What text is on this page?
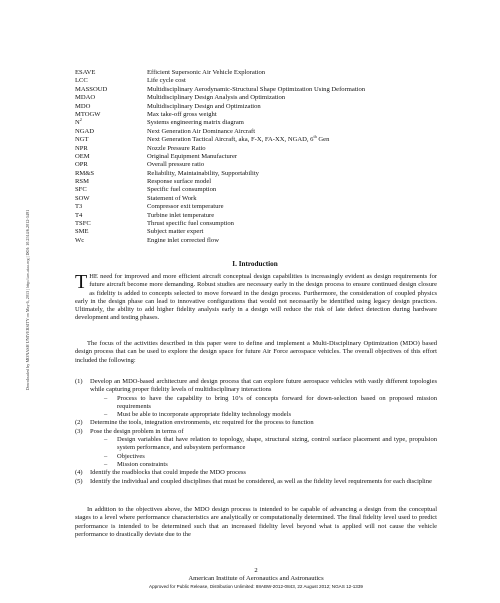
Downloaded by MONASH UNIVERSITY on May 6, 2013 | http://arc.aiaa.org | DOI: 10.2514/6.2012-5491
ESAVE	Efficient Supersonic Air Vehicle Exploration
LCC	Life cycle cost
MASSOUD	Multidisciplinary Aerodynamic-Structural Shape Optimization Using Deformation
MDAO	Multidisciplinary Design Analysis and Optimization
MDO	Multidisciplinary Design and Optimization
MTOGW	Max take-off gross weight
$N^2$	Systems engineering matrix diagram
NGAD	Next Generation Air Dominance Aircraft
NGT	Next Generation Tactical Aircraft, aka, F-X, FA-XX, NGAD, 6th Gen
NPR	Nozzle Pressure Ratio
OEM	Original Equipment Manufacturer
OPR	Overall pressure ratio
RM&S	Reliability, Maintainability, Supportability
RSM	Response surface model
SFC	Specific fuel consumption
SOW	Statement of Work
T3	Compressor exit temperature
T4	Turbine inlet temperature
TSFC	Thrust specific fuel consumption
SME	Subject matter expert
Wc	Engine inlet corrected flow
I. Introduction
THE need for improved and more efficient aircraft conceptual design capabilities is increasingly evident as design requirements for future aircraft become more demanding. Robust studies are necessary early in the design process to ensure continued design closure as fidelity is added to concepts selected to move forward in the design process. Furthermore, the consideration of coupled physics early in the design phase can lead to innovative configurations that would not necessarily be identified using legacy design practices. Ultimately, the ability to add higher fidelity analysis early in a design will reduce the risk of late defect detection during hardware development and testing phases.
The focus of the activities described in this paper were to define and implement a Multi-Disciplinary Optimization (MDO) based design process that can be used to explore the design space for future Air Force aerospace vehicles. The overall objectives of this effort included the following:
(1)	Develop an MDO-based architecture and design process that can explore future aerospace vehicles with vastly different topologies while capturing proper fidelity levels of multidisciplinary interactions
–	Process to have the capability to bring 10’s of concepts forward for down-selection based on proposed mission requirements
–	Must be able to incorporate appropriate fidelity technology models
(2)	Determine the tools, integration environments, etc required for the process to function
(3)	Pose the design problem in terms of
–	Design variables that have relation to topology, shape, structural sizing, control surface placement and type, propulsion system performance, and subsystem performance
–	Objectives
–	Mission constraints
(4)	Identify the roadblocks that could impede the MDO process
(5)	Identify the individual and coupled disciplines that must be considered, as well as the fidelity level requirements for each discipline
In addition to the objectives above, the MDO design process is intended to be capable of advancing a design from the conceptual stages to a level where performance characteristics are analytically or computationally determined. The final fidelity level used to predict performance is intended to be determined such that an increased fidelity level beyond what is applied will not cause the vehicle performance to drastically deviate due to the
2
American Institute of Aeronautics and Astronautics
Approved for Public Release, Distribution Unlimited: 88ABW-2012-0843, 22 August 2012; NGAS 12-1339
